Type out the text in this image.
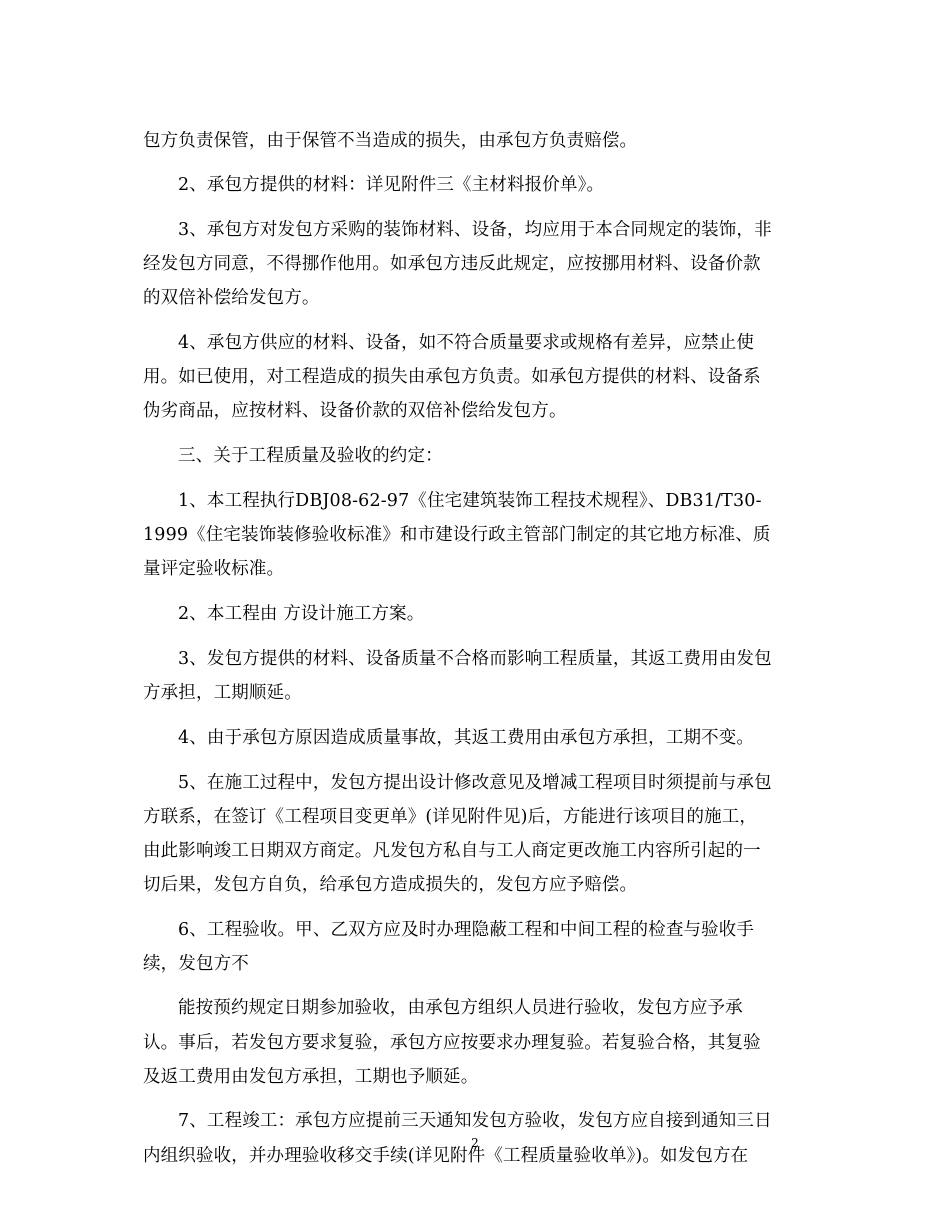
包方负责保管，由于保管不当造成的损失，由承包方负责赔偿。
2、承包方提供的材料：详见附件三《主材料报价单》。
3、承包方对发包方采购的装饰材料、设备，均应用于本合同规定的装饰，非
经发包方同意，不得挪作他用。如承包方违反此规定，应按挪用材料、设备价款
的双倍补偿给发包方。
4、承包方供应的材料、设备，如不符合质量要求或规格有差异，应禁止使
用。如已使用，对工程造成的损失由承包方负责。如承包方提供的材料、设备系
伪劣商品，应按材料、设备价款的双倍补偿给发包方。
三、关于工程质量及验收的约定：
1、本工程执行DBJ08-62-97《住宅建筑装饰工程技术规程》、DB31/T30-
1999《住宅装饰装修验收标准》和市建设行政主管部门制定的其它地方标准、质
量评定验收标准。
2、本工程由 方设计施工方案。
3、发包方提供的材料、设备质量不合格而影响工程质量，其返工费用由发包
方承担，工期顺延。
4、由于承包方原因造成质量事故，其返工费用由承包方承担，工期不变。
5、在施工过程中，发包方提出设计修改意见及增减工程项目时须提前与承包
方联系，在签订《工程项目变更单》(详见附件见)后，方能进行该项目的施工，
由此影响竣工日期双方商定。凡发包方私自与工人商定更改施工内容所引起的一
切后果，发包方自负，给承包方造成损失的，发包方应予赔偿。
6、工程验收。甲、乙双方应及时办理隐蔽工程和中间工程的检查与验收手
续，发包方不
能按预约规定日期参加验收，由承包方组织人员进行验收，发包方应予承
认。事后，若发包方要求复验，承包方应按要求办理复验。若复验合格，其复验
及返工费用由发包方承担，工期也予顺延。
7、工程竣工：承包方应提前三天通知发包方验收，发包方应自接到通知三日
内组织验收，并办理验收移交手续(详见附件《工程质量验收单》)。如发包方在
2
